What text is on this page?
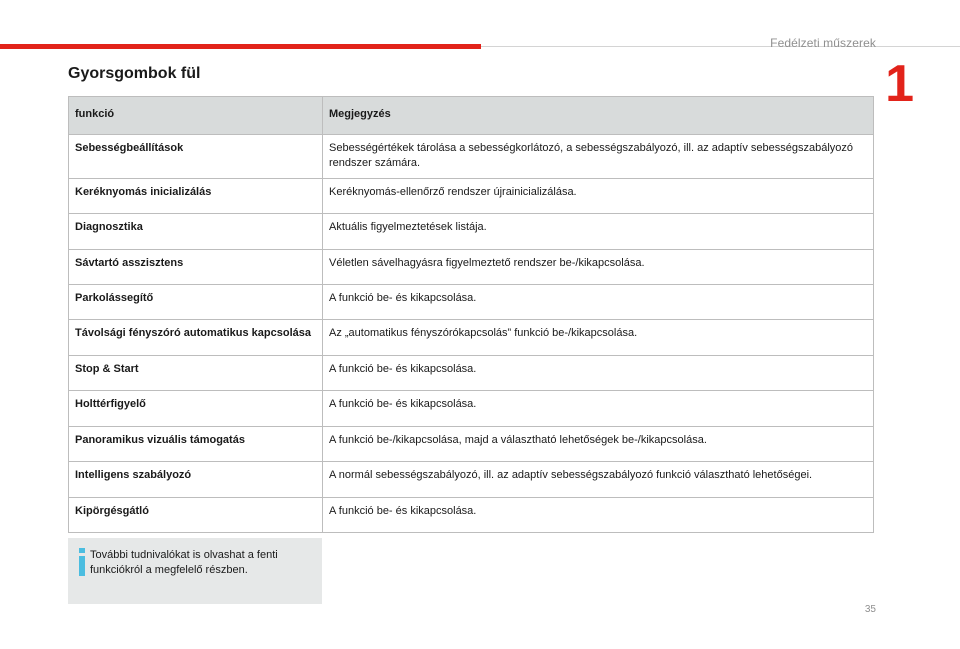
Fedélzeti műszerek
1
Gyorsgombok fül
funkció	Megjegyzés
Sebességbeállítások	Sebességértékek tárolása a sebességkorlátozó, a sebességszabályozó, ill. az adaptív sebességszabályozó rendszer számára.
Keréknyomás inicializálás	Keréknyomás-ellenőrző rendszer újrainicializálása.
Diagnosztika	Aktuális figyelmeztetések listája.
Sávtartó asszisztens	Véletlen sávelhagyásra figyelmeztető rendszer be-/kikapcsolása.
Parkolássegítő	A funkció be- és kikapcsolása.
Távolsági fényszóró automatikus kapcsolása	Az „automatikus fényszórókapcsolás” funkció be-/kikapcsolása.
Stop & Start	A funkció be- és kikapcsolása.
Holttérfigyelő	A funkció be- és kikapcsolása.
Panoramikus vizuális támogatás	A funkció be-/kikapcsolása, majd a választható lehetőségek be-/kikapcsolása.
Intelligens szabályozó	A normál sebességszabályozó, ill. az adaptív sebességszabályozó funkció választható lehetőségei.
Kipörgésgátló	A funkció be- és kikapcsolása.
További tudnivalókat is olvashat a fenti funkciókról a megfelelő részben.
35
